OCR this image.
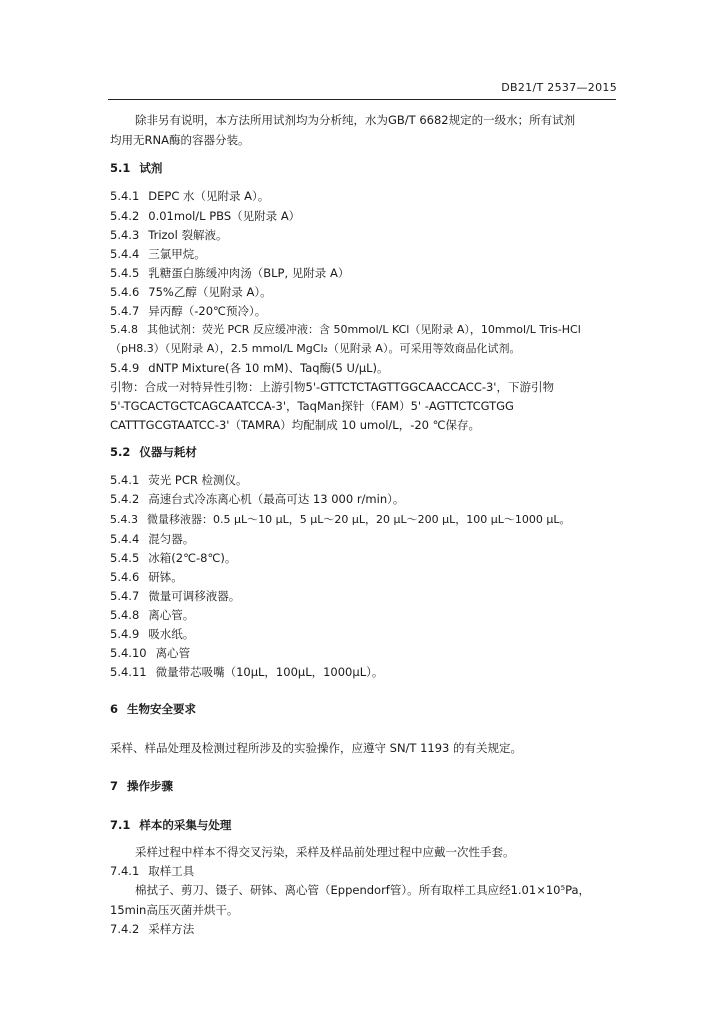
DB21/T 2537—2015
除非另有说明，本方法所用试剂均为分析纯，水为GB/T 6682规定的一级水；所有试剂
均用无RNA酶的容器分装。
5.1 试剂
5.4.1 DEPC 水（见附录 A）。
5.4.2 0.01mol/L PBS（见附录 A）
5.4.3 Trizol 裂解液。
5.4.4 三氯甲烷。
5.4.5 乳糖蛋白胨缓冲肉汤（BLP, 见附录 A）
5.4.6 75%乙醇（见附录 A）。
5.4.7 异丙醇（-20℃预冷）。
5.4.8 其他试剂：荧光 PCR 反应缓冲液：含 50mmol/L KCl（见附录 A），10mmol/L Tris-HCl
（pH8.3）（见附录 A），2.5 mmol/L MgCl₂（见附录 A）。可采用等效商品化试剂。
5.4.9 dNTP Mixture(各 10 mM)、Taq酶(5 U/μL)。
引物：合成一对特异性引物：上游引物5'-GTTCTCTAGTTGGCAACCACC-3'，下游引物
5'-TGCACTGCTCAGCAATCCA-3'，TaqMan探针（FAM）5' -AGTTCTCGTGG
CATTTGCGTAATCC-3'（TAMRA）均配制成 10 umol/L，-20 ℃保存。
5.2 仪器与耗材
5.4.1 荧光 PCR 检测仪。
5.4.2 高速台式冷冻离心机（最高可达 13 000 r/min）。
5.4.3 微量移液器：0.5 μL～10 μL，5 μL～20 μL，20 μL～200 μL，100 μL～1000 μL。
5.4.4 混匀器。
5.4.5 冰箱(2℃-8℃)。
5.4.6 研钵。
5.4.7 微量可调移液器。
5.4.8 离心管。
5.4.9 吸水纸。
5.4.10 离心管
5.4.11 微量带芯吸嘴（10μL，100μL，1000μL）。
6 生物安全要求
采样、样品处理及检测过程所涉及的实验操作，应遵守 SN/T 1193 的有关规定。
7 操作步骤
7.1 样本的采集与处理
采样过程中样本不得交叉污染，采样及样品前处理过程中应戴一次性手套。
7.4.1 取样工具
棉拭子、剪刀、镊子、研钵、离心管（Eppendorf管）。所有取样工具应经1.01×10⁵Pa，
15min高压灭菌并烘干。
7.4.2 采样方法
